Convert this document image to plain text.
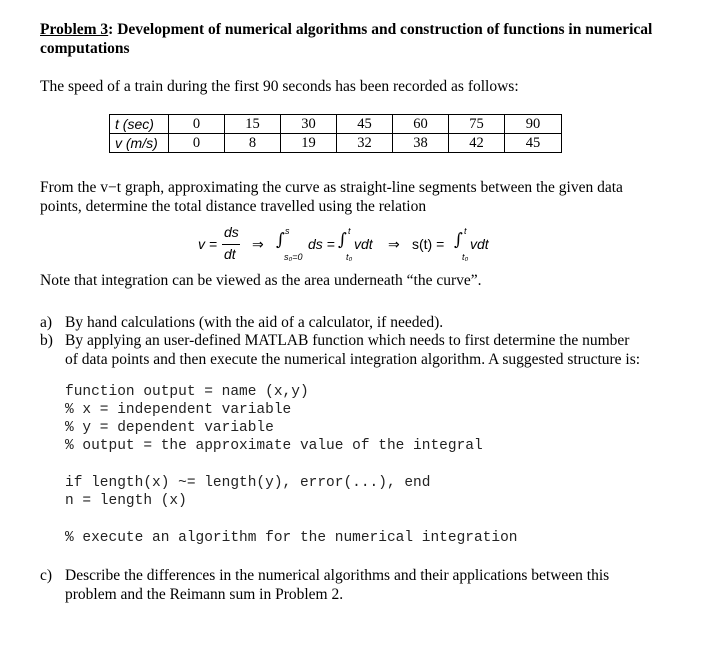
Problem 3: Development of numerical algorithms and construction of functions in numerical computations
The speed of a train during the first 90 seconds has been recorded as follows:
t (sec)	0	15	30	45	60	75	90
v (m/s)	0	8	19	32	38	42	45
From the v−t graph, approximating the curve as straight-line segments between the given data
points, determine the total distance travelled using the relation
v =
ds
dt
⇒ ∫ s
s₀=0
ds = ∫ t
t₀
vdt ⇒ s(t) = ∫ t
t₀
vdt
Note that integration can be viewed as the area underneath “the curve”.
a) By hand calculations (with the aid of a calculator, if needed).
b) By applying an user-defined MATLAB function which needs to first determine the number
of data points and then execute the numerical integration algorithm. A suggested structure is:
function output = name (x,y)
% x = independent variable
% y = dependent variable
% output = the approximate value of the integral
if length(x) ~= length(y), error(...), end
n = length (x)
% execute an algorithm for the numerical integration
c) Describe the differences in the numerical algorithms and their applications between this
problem and the Reimann sum in Problem 2.
